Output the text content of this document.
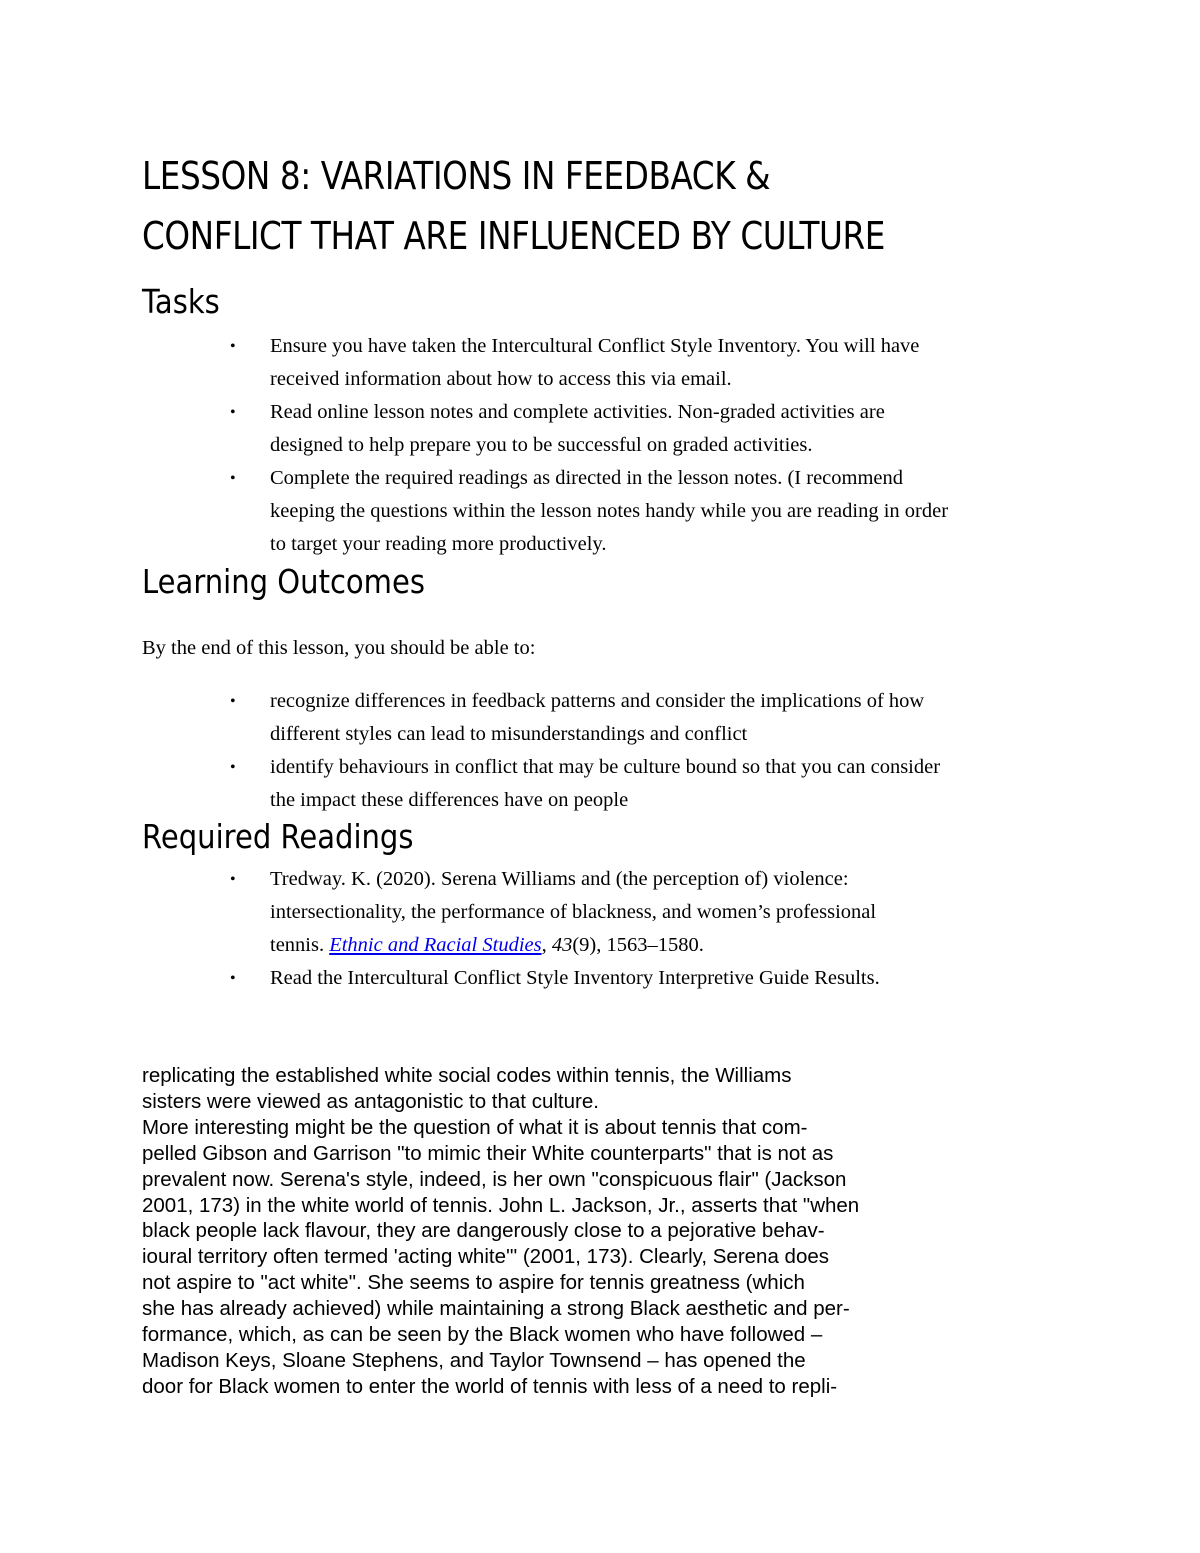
LESSON 8: VARIATIONS IN FEEDBACK &
CONFLICT THAT ARE INFLUENCED BY CULTURE
Tasks
• Ensure you have taken the Intercultural Conflict Style Inventory. You will have
received information about how to access this via email.
• Read online lesson notes and complete activities. Non-graded activities are
designed to help prepare you to be successful on graded activities.
• Complete the required readings as directed in the lesson notes. (I recommend
keeping the questions within the lesson notes handy while you are reading in order
to target your reading more productively.
Learning Outcomes

By the end of this lesson, you should be able to:

• recognize differences in feedback patterns and consider the implications of how
different styles can lead to misunderstandings and conflict
• identify behaviours in conflict that may be culture bound so that you can consider
the impact these differences have on people
Required Readings
• Tredway. K. (2020). Serena Williams and (the perception of) violence:
intersectionality, the performance of blackness, and women’s professional
tennis. Ethnic and Racial Studies, 43(9), 1563–1580.
• Read the Intercultural Conflict Style Inventory Interpretive Guide Results.
replicating the established white social codes within tennis, the Williams
sisters were viewed as antagonistic to that culture.
More interesting might be the question of what it is about tennis that com-
pelled Gibson and Garrison "to mimic their White counterparts" that is not as
prevalent now. Serena's style, indeed, is her own "conspicuous flair" (Jackson
2001, 173) in the white world of tennis. John L. Jackson, Jr., asserts that "when
black people lack flavour, they are dangerously close to a pejorative behav-
ioural territory often termed 'acting white'" (2001, 173). Clearly, Serena does
not aspire to "act white". She seems to aspire for tennis greatness (which
she has already achieved) while maintaining a strong Black aesthetic and per-
formance, which, as can be seen by the Black women who have followed –
Madison Keys, Sloane Stephens, and Taylor Townsend – has opened the
door for Black women to enter the world of tennis with less of a need to repli-
